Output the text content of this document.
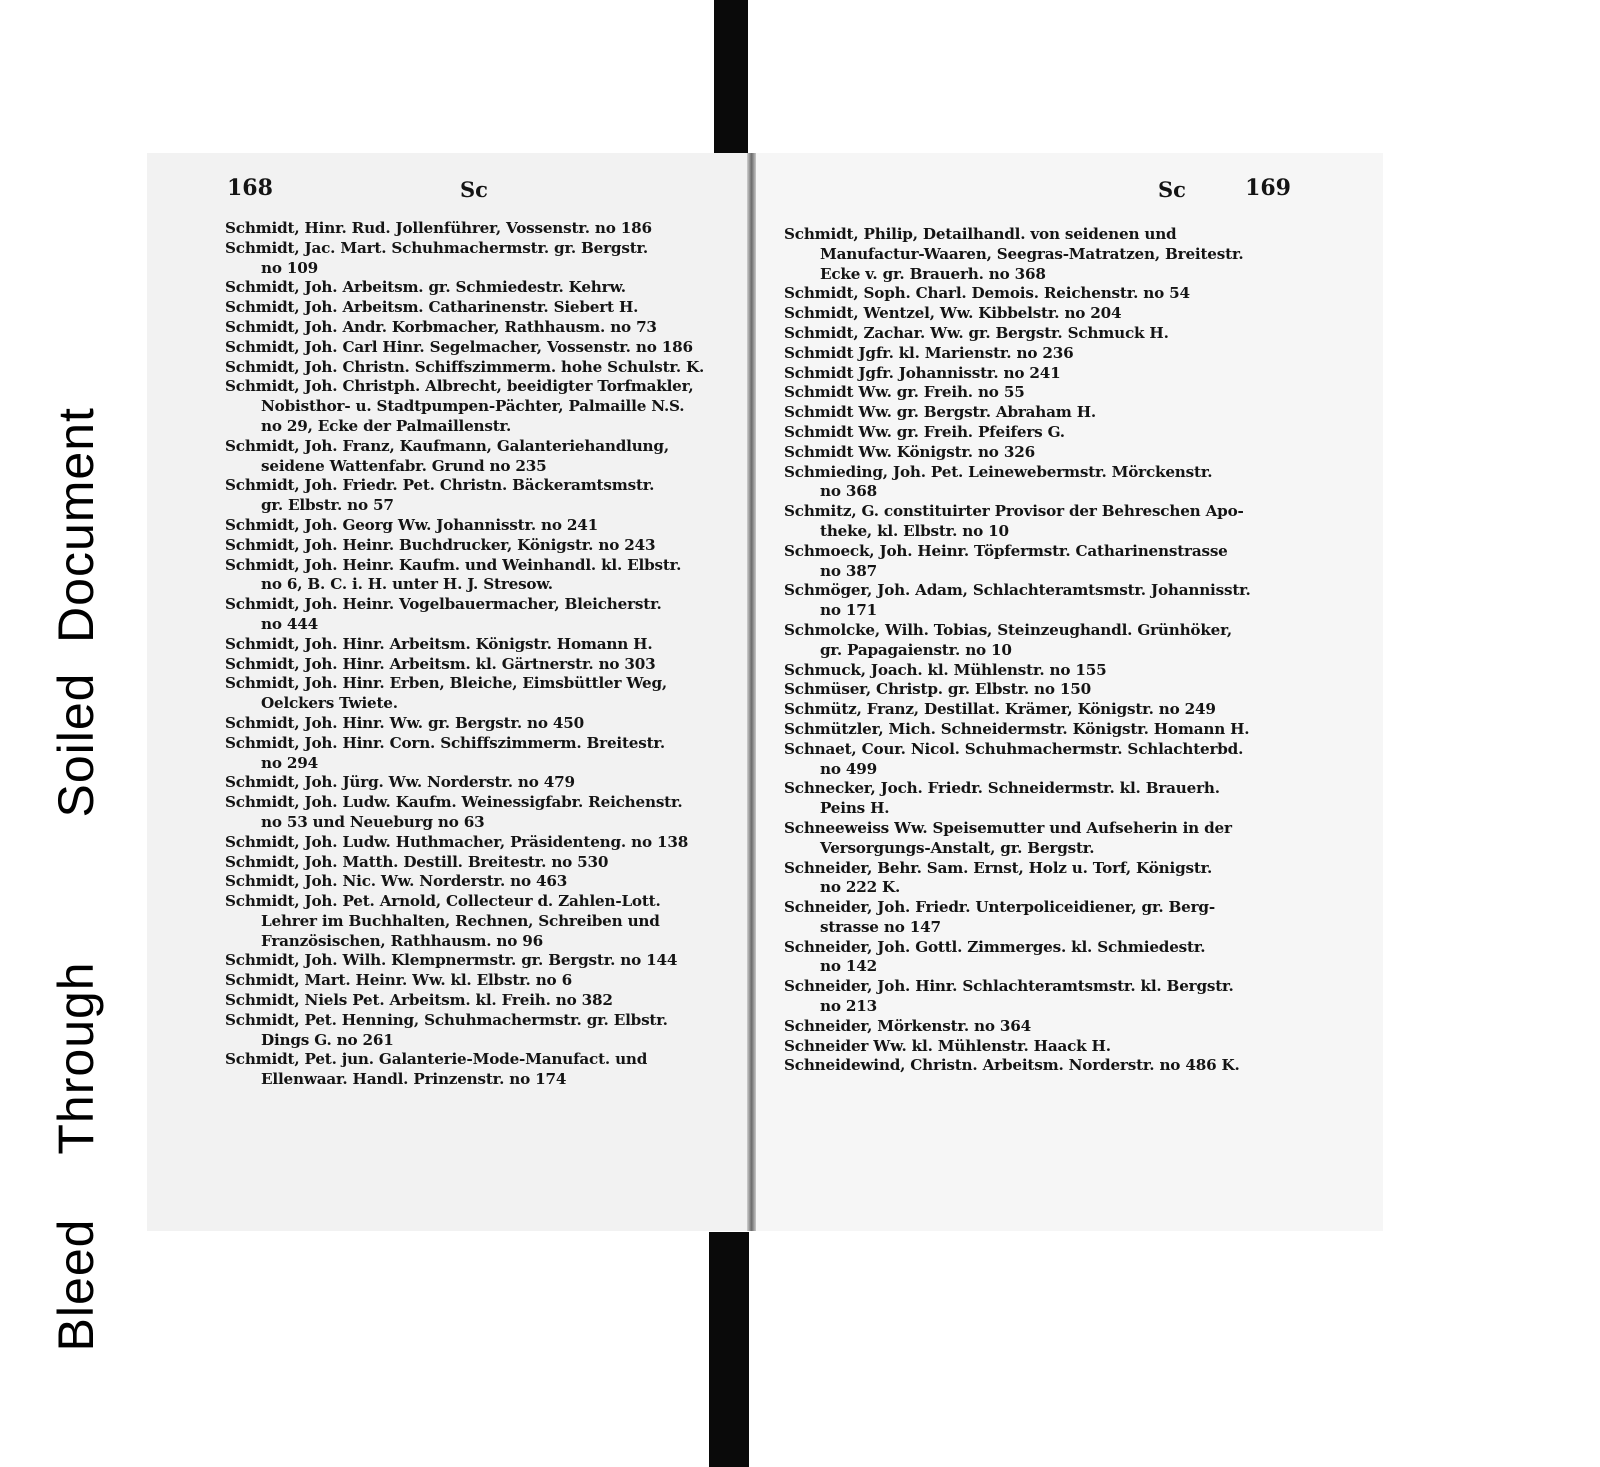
Bleed
Through
Soiled
Document
168	Sc
Schmidt, Hinr. Rud. Jollenführer, Vossenstr. no 186
Schmidt, Jac. Mart. Schuhmachermstr. gr. Bergstr.
no 109
Schmidt, Joh. Arbeitsm. gr. Schmiedestr. Kehrw.
Schmidt, Joh. Arbeitsm. Catharinenstr. Siebert H.
Schmidt, Joh. Andr. Korbmacher, Rathhausm. no 73
Schmidt, Joh. Carl Hinr. Segelmacher, Vossenstr. no 186
Schmidt, Joh. Christn. Schiffszimmerm. hohe Schulstr. K.
Schmidt, Joh. Christph. Albrecht, beeidigter Torfmakler,
Nobisthor- u. Stadtpumpen-Pächter, Palmaille N.S.
no 29, Ecke der Palmaillenstr.
Schmidt, Joh. Franz, Kaufmann, Galanteriehandlung,
seidene Wattenfabr. Grund no 235
Schmidt, Joh. Friedr. Pet. Christn. Bäckeramtsmstr.
gr. Elbstr. no 57
Schmidt, Joh. Georg Ww. Johannisstr. no 241
Schmidt, Joh. Heinr. Buchdrucker, Königstr. no 243
Schmidt, Joh. Heinr. Kaufm. und Weinhandl. kl. Elbstr.
no 6, B. C. i. H. unter H. J. Stresow.
Schmidt, Joh. Heinr. Vogelbauermacher, Bleicherstr.
no 444
Schmidt, Joh. Hinr. Arbeitsm. Königstr. Homann H.
Schmidt, Joh. Hinr. Arbeitsm. kl. Gärtnerstr. no 303
Schmidt, Joh. Hinr. Erben, Bleiche, Eimsbüttler Weg,
Oelckers Twiete.
Schmidt, Joh. Hinr. Ww. gr. Bergstr. no 450
Schmidt, Joh. Hinr. Corn. Schiffszimmerm. Breitestr.
no 294
Schmidt, Joh. Jürg. Ww. Norderstr. no 479
Schmidt, Joh. Ludw. Kaufm. Weinessigfabr. Reichenstr.
no 53 und Neueburg no 63
Schmidt, Joh. Ludw. Huthmacher, Präsidenteng. no 138
Schmidt, Joh. Matth. Destill. Breitestr. no 530
Schmidt, Joh. Nic. Ww. Norderstr. no 463
Schmidt, Joh. Pet. Arnold, Collecteur d. Zahlen-Lott.
Lehrer im Buchhalten, Rechnen, Schreiben und
Französischen, Rathhausm. no 96
Schmidt, Joh. Wilh. Klempnermstr. gr. Bergstr. no 144
Schmidt, Mart. Heinr. Ww. kl. Elbstr. no 6
Schmidt, Niels Pet. Arbeitsm. kl. Freih. no 382
Schmidt, Pet. Henning, Schuhmachermstr. gr. Elbstr.
Dings G. no 261
Schmidt, Pet. jun. Galanterie-Mode-Manufact. und
Ellenwaar. Handl. Prinzenstr. no 174
Sc	169
Schmidt, Philip, Detailhandl. von seidenen und
Manufactur-Waaren, Seegras-Matratzen, Breitestr.
Ecke v. gr. Brauerh. no 368
Schmidt, Soph. Charl. Demois. Reichenstr. no 54
Schmidt, Wentzel, Ww. Kibbelstr. no 204
Schmidt, Zachar. Ww. gr. Bergstr. Schmuck H.
Schmidt Jgfr. kl. Marienstr. no 236
Schmidt Jgfr. Johannisstr. no 241
Schmidt Ww. gr. Freih. no 55
Schmidt Ww. gr. Bergstr. Abraham H.
Schmidt Ww. gr. Freih. Pfeifers G.
Schmidt Ww. Königstr. no 326
Schmieding, Joh. Pet. Leinewebermstr. Mörckenstr.
no 368
Schmitz, G. constituirter Provisor der Behreschen Apo-
theke, kl. Elbstr. no 10
Schmoeck, Joh. Heinr. Töpfermstr. Catharinenstrasse
no 387
Schmöger, Joh. Adam, Schlachteramtsmstr. Johannisstr.
no 171
Schmolcke, Wilh. Tobias, Steinzeughandl. Grünhöker,
gr. Papagaienstr. no 10
Schmuck, Joach. kl. Mühlenstr. no 155
Schmüser, Christp. gr. Elbstr. no 150
Schmütz, Franz, Destillat. Krämer, Königstr. no 249
Schmützler, Mich. Schneidermstr. Königstr. Homann H.
Schnaet, Cour. Nicol. Schuhmachermstr. Schlachterbd.
no 499
Schnecker, Joch. Friedr. Schneidermstr. kl. Brauerh.
Peins H.
Schneeweiss Ww. Speisemutter und Aufseherin in der
Versorgungs-Anstalt, gr. Bergstr.
Schneider, Behr. Sam. Ernst, Holz u. Torf, Königstr.
no 222 K.
Schneider, Joh. Friedr. Unterpoliceidiener, gr. Berg-
strasse no 147
Schneider, Joh. Gottl. Zimmerges. kl. Schmiedestr.
no 142
Schneider, Joh. Hinr. Schlachteramtsmstr. kl. Bergstr.
no 213
Schneider, Mörkenstr. no 364
Schneider Ww. kl. Mühlenstr. Haack H.
Schneidewind, Christn. Arbeitsm. Norderstr. no 486 K.
